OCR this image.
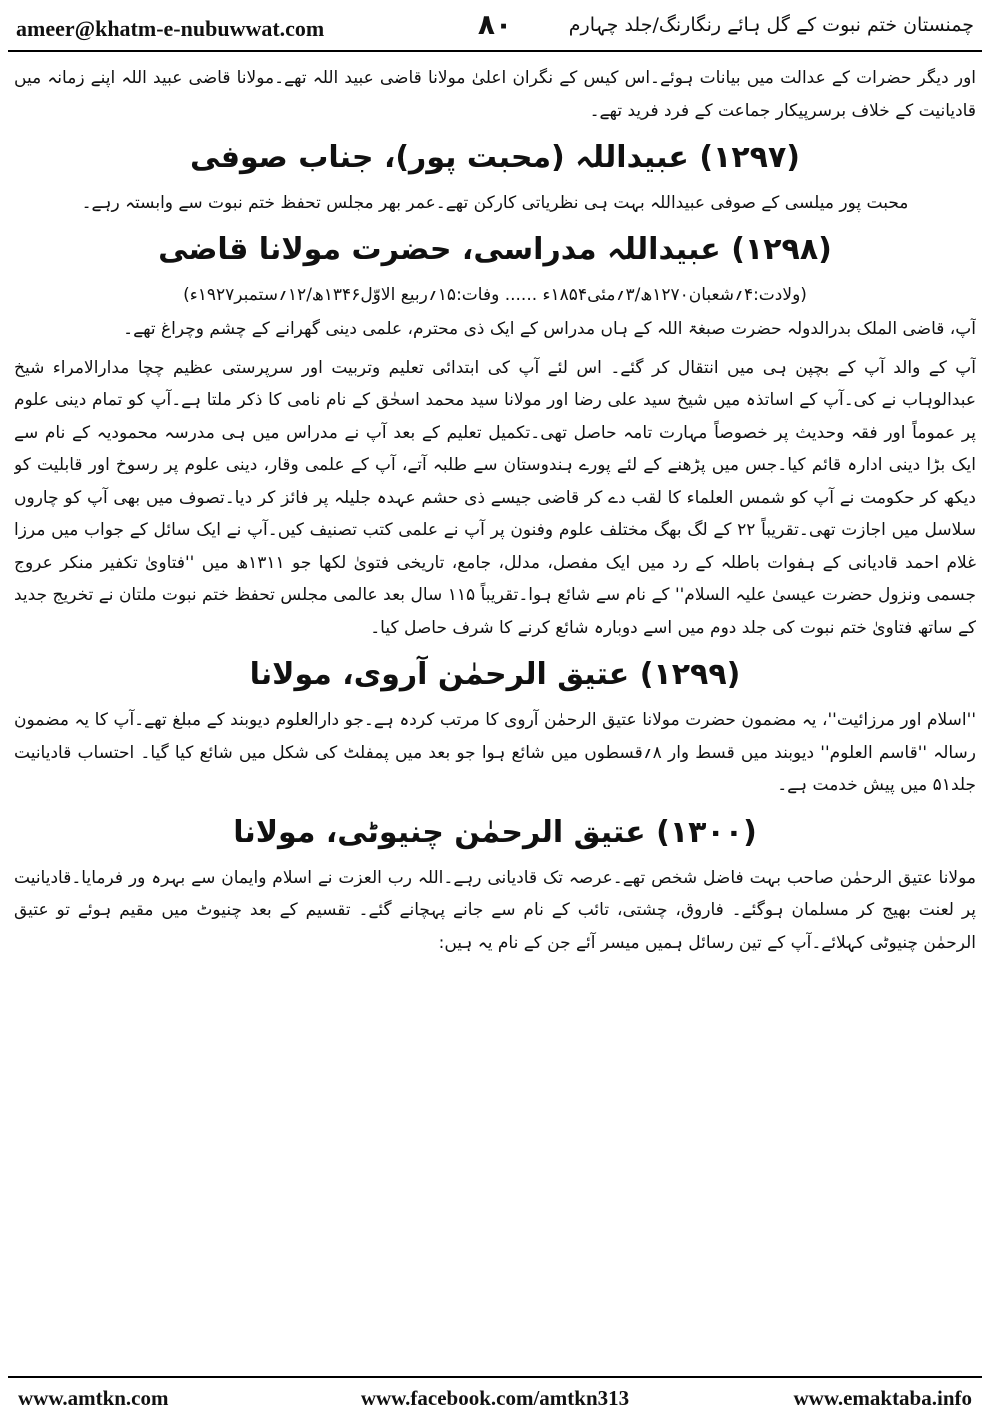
ameer@khatm-e-nubuwwat.com	۸۰	چمنستان ختم نبوت کے گل ہائے رنگارنگ/جلد چہارم

اور دیگر حضرات کے عدالت میں بیانات ہوئے۔اس کیس کے نگران اعلیٰ مولانا قاضی عبید اللہ تھے۔مولانا قاضی عبید اللہ اپنے زمانہ میں قادیانیت کے خلاف برسرپیکار جماعت کے فرد فرید تھے۔

(۱۲۹۷) عبیداللہ (محبت پور)، جناب صوفی
محبت پور میلسی کے صوفی عبیداللہ بہت ہی نظریاتی کارکن تھے۔عمر بھر مجلس تحفظ ختم نبوت سے وابستہ رہے۔
(۱۲۹۸) عبیداللہ مدراسی، حضرت مولانا قاضی
(ولادت:۴؍شعبان۱۲۷۰ھ/۳؍مئی۱۸۵۴ء ...... وفات:۱۵؍ربیع الاوّل۱۳۴۶ھ/۱۲؍ستمبر۱۹۲۷ء)

آپ، قاضی الملک بدرالدولہ حضرت صبغۃ اللہ کے ہاں مدراس کے ایک ذی محترم، علمی دینی گھرانے کے چشم وچراغ تھے۔

آپ کے والد آپ کے بچپن ہی میں انتقال کر گئے۔ اس لئے آپ کی ابتدائی تعلیم وتربیت اور سرپرستی عظیم چچا مدارالامراء شیخ عبدالوہاب نے کی۔آپ کے اساتذہ میں شیخ سید علی رضا اور مولانا سید محمد اسحٰق کے نام نامی کا ذکر ملتا ہے۔آپ کو تمام دینی علوم پر عموماً اور فقہ وحدیث پر خصوصاً مہارت تامہ حاصل تھی۔تکمیل تعلیم کے بعد آپ نے مدراس میں ہی مدرسہ محمودیہ کے نام سے ایک بڑا دینی ادارہ قائم کیا۔جس میں پڑھنے کے لئے پورے ہندوستان سے طلبہ آتے، آپ کے علمی وقار، دینی علوم پر رسوخ اور قابلیت کو دیکھ کر حکومت نے آپ کو شمس العلماء کا لقب دے کر قاضی جیسے ذی حشم عہدہ جلیلہ پر فائز کر دیا۔تصوف میں بھی آپ کو چاروں سلاسل میں اجازت تھی۔تقریباً ۲۲ کے لگ بھگ مختلف علوم وفنون پر آپ نے علمی کتب تصنیف کیں۔آپ نے ایک سائل کے جواب میں مرزا غلام احمد قادیانی کے ہفوات باطلہ کے رد میں ایک مفصل، مدلل، جامع، تاریخی فتویٰ لکھا جو ۱۳۱۱ھ میں ''فتاویٰ تکفیر منکر عروج جسمی ونزول حضرت عیسیٰ علیہ السلام'' کے نام سے شائع ہوا۔تقریباً ۱۱۵ سال بعد عالمی مجلس تحفظ ختم نبوت ملتان نے تخریج جدید کے ساتھ فتاویٰ ختم نبوت کی جلد دوم میں اسے دوبارہ شائع کرنے کا شرف حاصل کیا۔

(۱۲۹۹) عتیق الرحمٰن آروی، مولانا

''اسلام اور مرزائیت''، یہ مضمون حضرت مولانا عتیق الرحمٰن آروی کا مرتب کردہ ہے۔جو دارالعلوم دیوبند کے مبلغ تھے۔آپ کا یہ مضمون رسالہ ''قاسم العلوم'' دیوبند میں قسط وار ۸؍قسطوں میں شائع ہوا جو بعد میں پمفلٹ کی شکل میں شائع کیا گیا۔ احتساب قادیانیت جلد۵۱ میں پیش خدمت ہے۔

(۱۳۰۰) عتیق الرحمٰن چنیوٹی، مولانا

مولانا عتیق الرحمٰن صاحب بہت فاضل شخص تھے۔عرصہ تک قادیانی رہے۔اللہ رب العزت نے اسلام وایمان سے بہرہ ور فرمایا۔قادیانیت پر لعنت بھیج کر مسلمان ہوگئے۔ فاروق، چشتی، تائب کے نام سے جانے پہچانے گئے۔ تقسیم کے بعد چنیوٹ میں مقیم ہوئے تو عتیق الرحمٰن چنیوٹی کہلائے۔آپ کے تین رسائل ہمیں میسر آئے جن کے نام یہ ہیں:

www.amtkn.com	www.facebook.com/amtkn313	www.emaktaba.info
